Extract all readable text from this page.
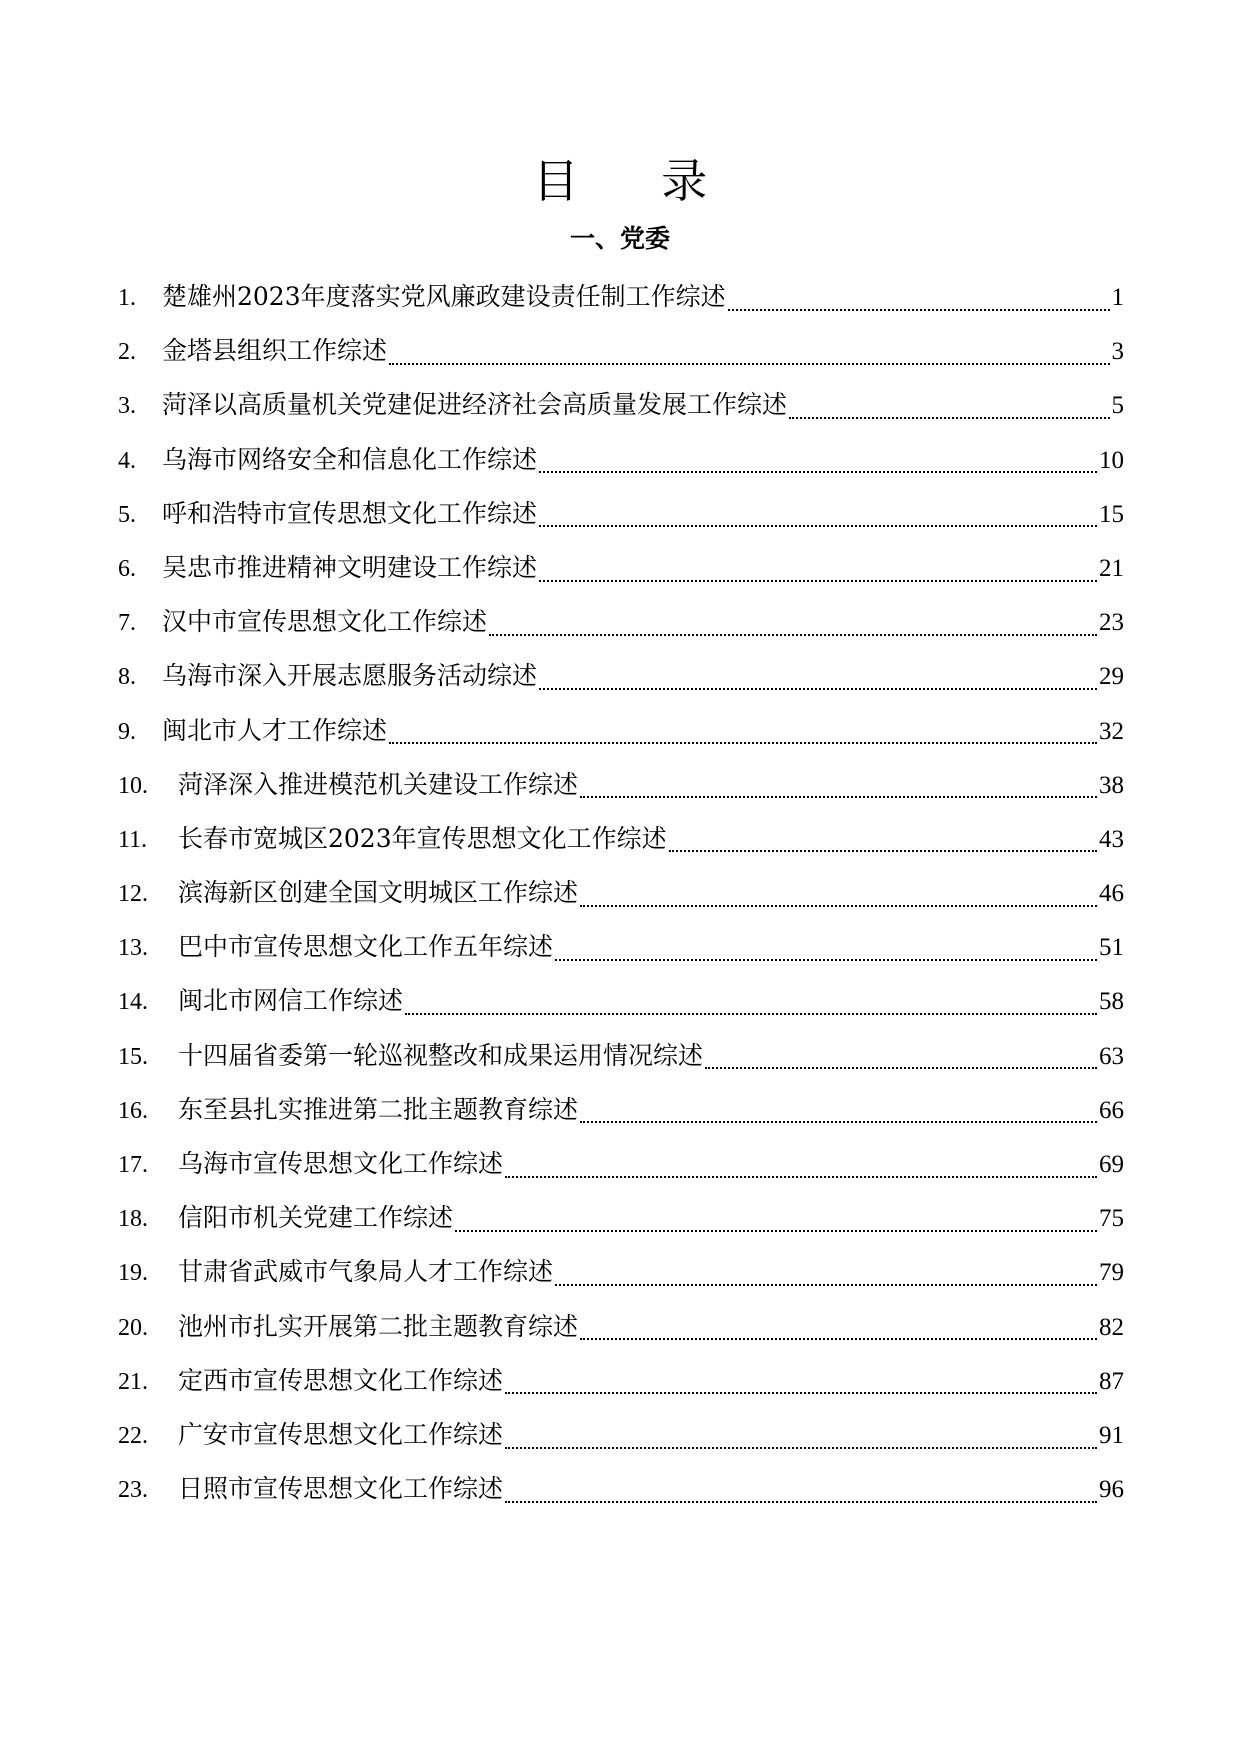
目 录
一、党委
1.	楚雄州2023年度落实党风廉政建设责任制工作综述	1
2.	金塔县组织工作综述	3
3.	菏泽以高质量机关党建促进经济社会高质量发展工作综述	5
4.	乌海市网络安全和信息化工作综述	10
5.	呼和浩特市宣传思想文化工作综述	15
6.	吴忠市推进精神文明建设工作综述	21
7.	汉中市宣传思想文化工作综述	23
8.	乌海市深入开展志愿服务活动综述	29
9.	闽北市人才工作综述	32
10.	菏泽深入推进模范机关建设工作综述	38
11.	长春市宽城区2023年宣传思想文化工作综述	43
12.	滨海新区创建全国文明城区工作综述	46
13.	巴中市宣传思想文化工作五年综述	51
14.	闽北市网信工作综述	58
15.	十四届省委第一轮巡视整改和成果运用情况综述	63
16.	东至县扎实推进第二批主题教育综述	66
17.	乌海市宣传思想文化工作综述	69
18.	信阳市机关党建工作综述	75
19.	甘肃省武威市气象局人才工作综述	79
20.	池州市扎实开展第二批主题教育综述	82
21.	定西市宣传思想文化工作综述	87
22.	广安市宣传思想文化工作综述	91
23.	日照市宣传思想文化工作综述	96
